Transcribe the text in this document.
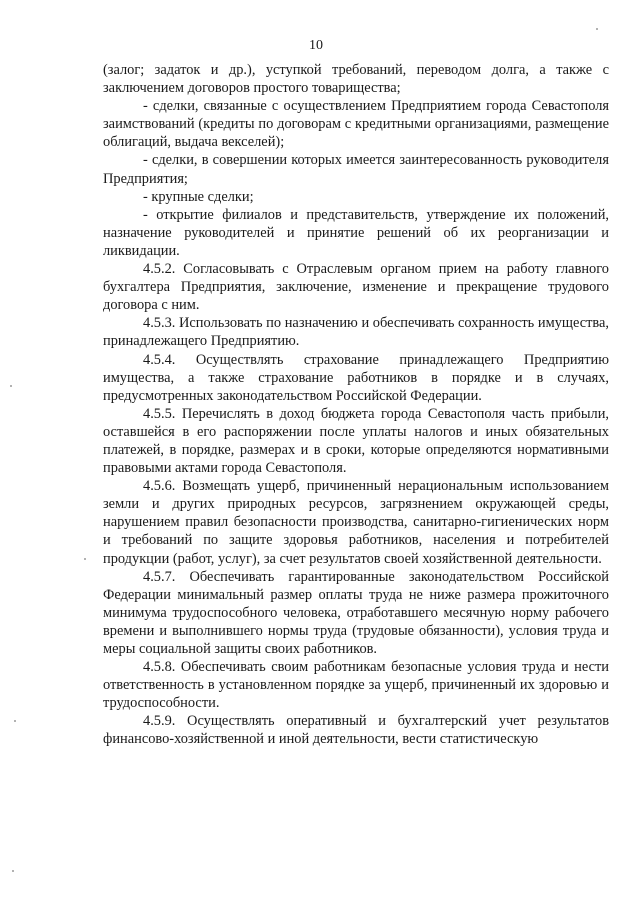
10

(залог; задаток и др.), уступкой требований, переводом долга, а также с заключением договоров простого товарищества;

- сделки, связанные с осуществлением Предприятием города Севастополя заимствований (кредиты по договорам с кредитными организациями, размещение облигаций, выдача векселей);

- сделки, в совершении которых имеется заинтересованность руководителя Предприятия;

- крупные сделки;

- открытие филиалов и представительств, утверждение их положений, назначение руководителей и принятие решений об их реорганизации и ликвидации.

4.5.2. Согласовывать с Отраслевым органом прием на работу главного бухгалтера Предприятия, заключение, изменение и прекращение трудового договора с ним.

4.5.3. Использовать по назначению и обеспечивать сохранность имущества, принадлежащего Предприятию.

4.5.4. Осуществлять страхование принадлежащего Предприятию имущества, а также страхование работников в порядке и в случаях, предусмотренных законодательством Российской Федерации.

4.5.5. Перечислять в доход бюджета города Севастополя часть прибыли, оставшейся в его распоряжении после уплаты налогов и иных обязательных платежей, в порядке, размерах и в сроки, которые определяются нормативными правовыми актами города Севастополя.

4.5.6. Возмещать ущерб, причиненный нерациональным использованием земли и других природных ресурсов, загрязнением окружающей среды, нарушением правил безопасности производства, санитарно-гигиенических норм и требований по защите здоровья работников, населения и потребителей продукции (работ, услуг), за счет результатов своей хозяйственной деятельности.

4.5.7. Обеспечивать гарантированные законодательством Российской Федерации минимальный размер оплаты труда не ниже размера прожиточного минимума трудоспособного человека, отработавшего месячную норму рабочего времени и выполнившего нормы труда (трудовые обязанности), условия труда и меры социальной защиты своих работников.

4.5.8. Обеспечивать своим работникам безопасные условия труда и нести ответственность в установленном порядке за ущерб, причиненный их здоровью и трудоспособности.

4.5.9. Осуществлять оперативный и бухгалтерский учет результатов финансово-хозяйственной и иной деятельности, вести статистическую
